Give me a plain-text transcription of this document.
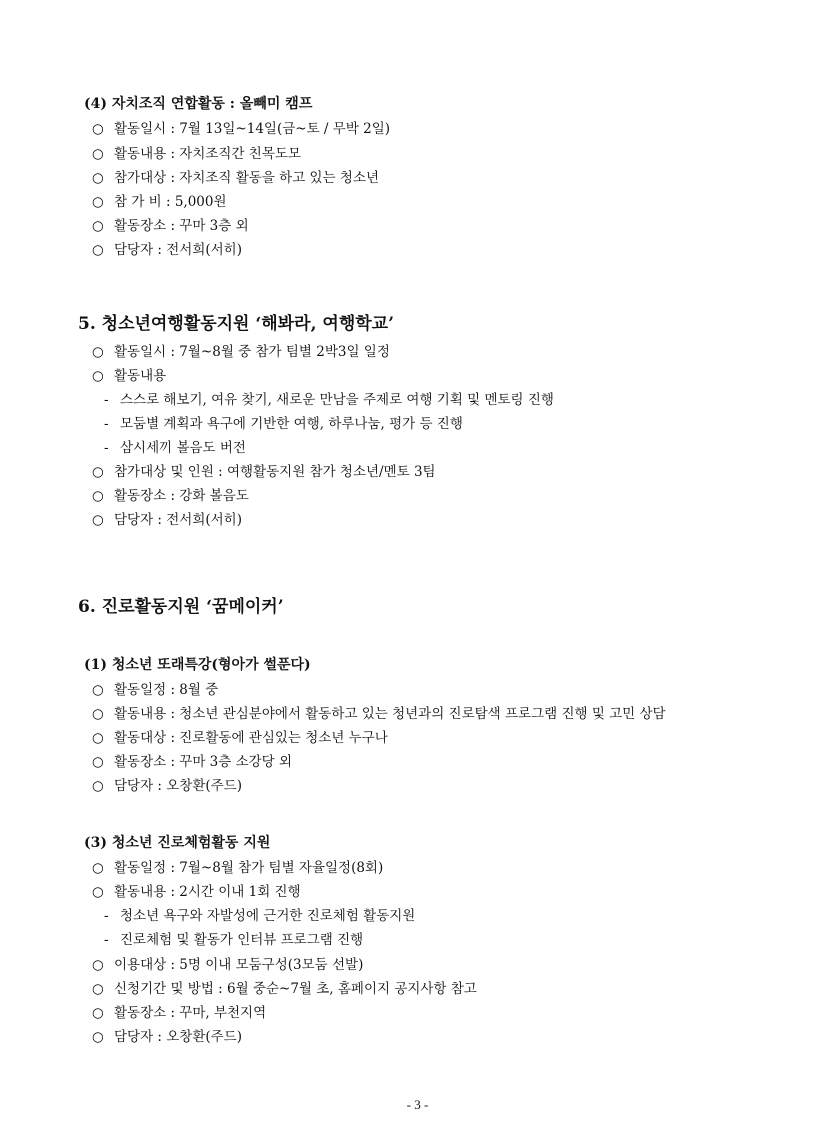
(4) 자치조직 연합활동 : 올빼미 캠프
○ 활동일시 : 7월 13일~14일(금~토 / 무박 2일)
○ 활동내용 : 자치조직간 친목도모
○ 참가대상 : 자치조직 활동을 하고 있는 청소년
○ 참 가 비 : 5,000원
○ 활동장소 : 꾸마 3층 외
○ 담당자 : 전서희(서히)
5. 청소년여행활동지원 ‘해봐라, 여행학교’
○ 활동일시 : 7월~8월 중 참가 팀별 2박3일 일정
○ 활동내용
- 스스로 해보기, 여유 찾기, 새로운 만남을 주제로 여행 기획 및 멘토링 진행
- 모둠별 계획과 욕구에 기반한 여행, 하루나눔, 평가 등 진행
- 삼시세끼 볼음도 버전
○ 참가대상 및 인원 : 여행활동지원 참가 청소년/멘토 3팀
○ 활동장소 : 강화 볼음도
○ 담당자 : 전서희(서히)
6. 진로활동지원 ‘꿈메이커’
(1) 청소년 또래특강(형아가 썰푼다)
○ 활동일정 : 8월 중
○ 활동내용 : 청소년 관심분야에서 활동하고 있는 청년과의 진로탐색 프로그램 진행 및 고민 상담
○ 활동대상 : 진로활동에 관심있는 청소년 누구나
○ 활동장소 : 꾸마 3층 소강당 외
○ 담당자 : 오창환(주드)
(3) 청소년 진로체험활동 지원
○ 활동일정 : 7월~8월 참가 팀별 자율일정(8회)
○ 활동내용 : 2시간 이내 1회 진행
- 청소년 욕구와 자발성에 근거한 진로체험 활동지원
- 진로체험 및 활동가 인터뷰 프로그램 진행
○ 이용대상 : 5명 이내 모둠구성(3모둠 선발)
○ 신청기간 및 방법 : 6월 중순~7월 초, 홈페이지 공지사항 참고
○ 활동장소 : 꾸마, 부천지역
○ 담당자 : 오창환(주드)
- 3 -
